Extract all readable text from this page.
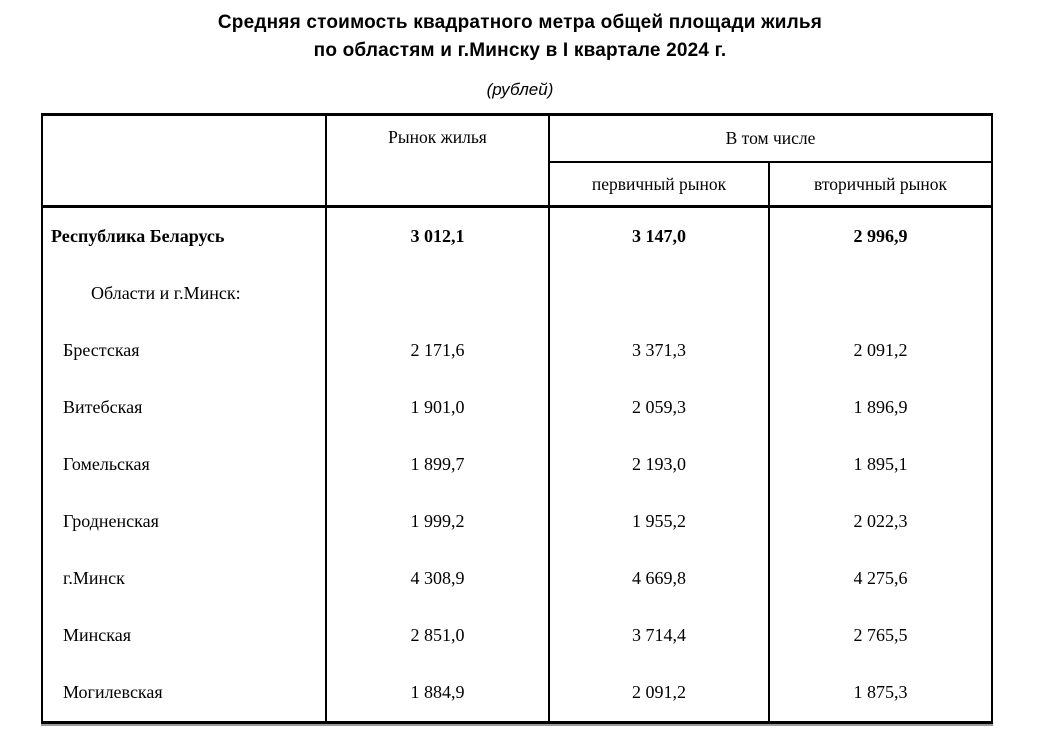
Средняя стоимость квадратного метра общей площади жилья
по областям и г.Минску в I квартале 2024 г.
(рублей)
	Рынок жилья	В том числе	
		первичный рынок	вторичный рынок
Республика Беларусь	3 012,1	3 147,0	2 996,9
Области и г.Минск:			
Брестская	2 171,6	3 371,3	2 091,2
Витебская	1 901,0	2 059,3	1 896,9
Гомельская	1 899,7	2 193,0	1 895,1
Гродненская	1 999,2	1 955,2	2 022,3
г.Минск	4 308,9	4 669,8	4 275,6
Минская	2 851,0	3 714,4	2 765,5
Могилевская	1 884,9	2 091,2	1 875,3
